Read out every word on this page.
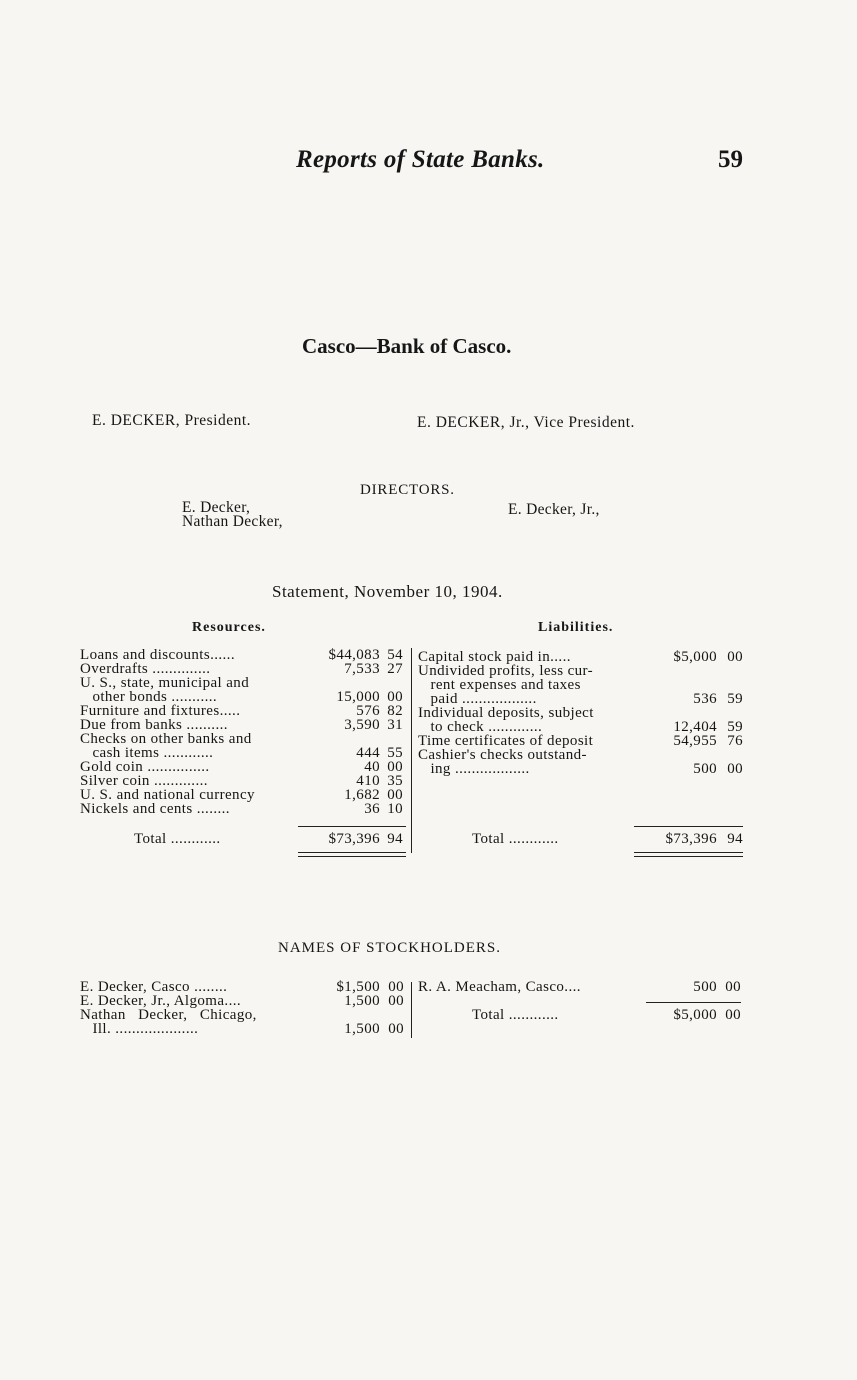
Reports of State Banks.	59
Casco—Bank of Casco.
E. DECKER, President.	E. DECKER, Jr., Vice President.
DIRECTORS.
E. Decker,
Nathan Decker,
E. Decker, Jr.,
Statement, November 10, 1904.
Resources.	Liabilities.
Loans and discounts......	$44,083 54
Overdrafts ..............	7,533 27
U. S., state, municipal and
other bonds ...........	15,000 00
Furniture and fixtures.....	576 82
Due from banks ..........	3,590 31
Checks on other banks and
cash items ............	444 55
Gold coin ...............	40 00
Silver coin .............	410 35
U. S. and national currency	1,682 00
Nickels and cents ........	36 10
Total ............	$73,396 94
Capital stock paid in.....	$5,000 00
Undivided profits, less cur-
rent expenses and taxes
paid ..................	536 59
Individual deposits, subject
to check .............	12,404 59
Time certificates of deposit	54,955 76
Cashier's checks outstand-
ing ..................	500 00
Total ............	$73,396 94
NAMES OF STOCKHOLDERS.
E. Decker, Casco ........	$1,500 00
E. Decker, Jr., Algoma....	1,500 00
Nathan   Decker,   Chicago,
Ill. ....................	1,500 00
R. A. Meacham, Casco....	500 00
Total ............	$5,000 00
